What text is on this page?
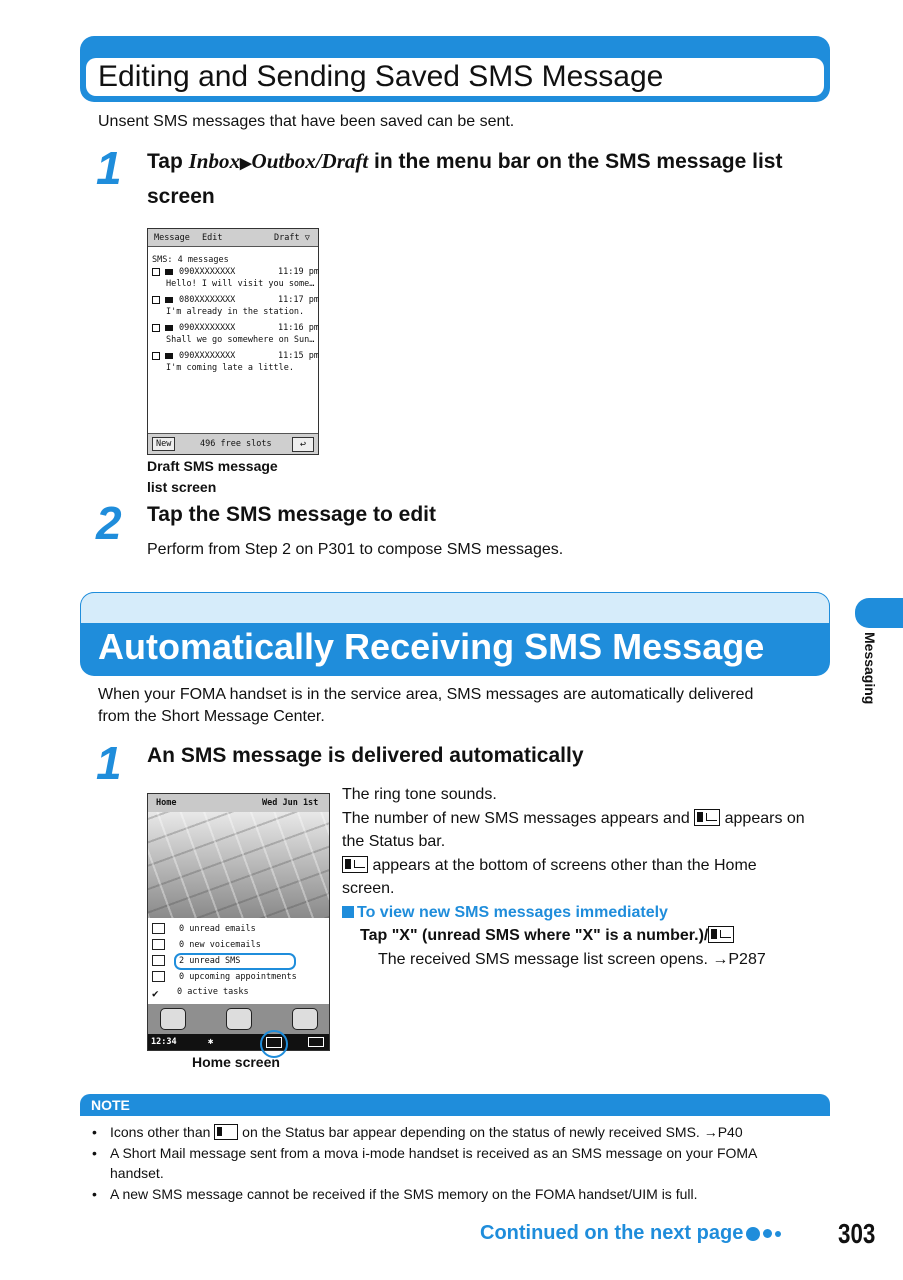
Editing and Sending Saved SMS Message
Unsent SMS messages that have been saved can be sent.
1 Tap Inbox▶Outbox/Draft in the menu bar on the SMS message list screen
Message Edit	Draft ▽
SMS: 4 messages
090XXXXXXXX	11:19 pm
Hello! I will visit you some…
080XXXXXXXX	11:17 pm
I'm already in the station.
090XXXXXXXX	11:16 pm
Shall we go somewhere on Sun…
090XXXXXXXX	11:15 pm
I'm coming late a little.
New	496 free slots	↩
Draft SMS message
list screen
2 Tap the SMS message to edit
Perform from Step 2 on P301 to compose SMS messages.
Automatically Receiving SMS Message	Messaging
When your FOMA handset is in the service area, SMS messages are automatically delivered
from the Short Message Center.
1 An SMS message is delivered automatically
Home	Wed Jun 1st
0 unread emails
0 new voicemails
2 unread SMS
0 upcoming appointments
✔ 0 active tasks
12:34	✱
Home screen
The ring tone sounds.
The number of new SMS messages appears and  appears on
the Status bar.
appears at the bottom of screens other than the Home
screen.
To view new SMS messages immediately
Tap "X" (unread SMS where "X" is a number.)/
The received SMS message list screen opens. →P287
NOTE
• Icons other than  on the Status bar appear depending on the status of newly received SMS. →P40
• A Short Mail message sent from a mova i-mode handset is received as an SMS message on your FOMA
handset.
• A new SMS message cannot be received if the SMS memory on the FOMA handset/UIM is full.
Continued on the next page	303
